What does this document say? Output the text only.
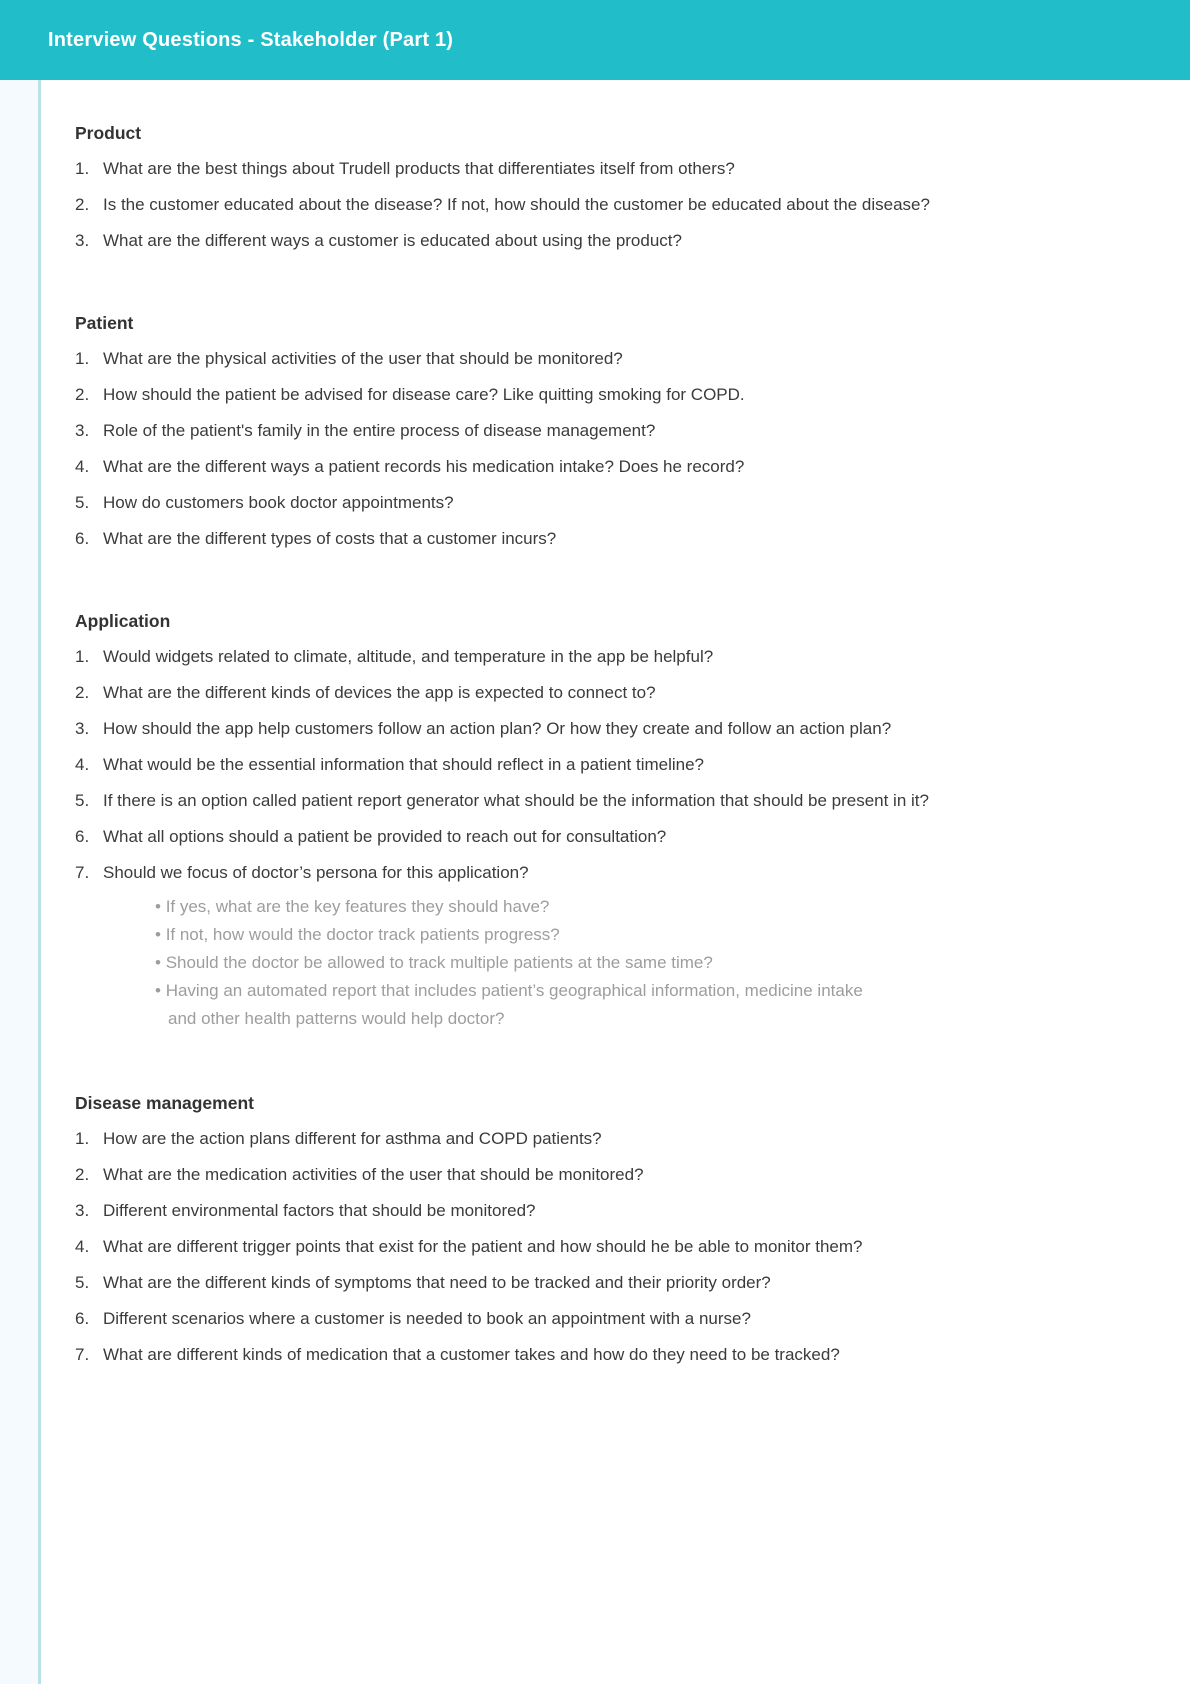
Interview Questions - Stakeholder (Part 1)
Product
What are the best things about Trudell products that differentiates itself from others?
Is the customer educated about the disease? If not, how should the customer be educated about the disease?
What are the different ways a customer is educated about using the product?
Patient
What are the physical activities of the user that should be monitored?
How should the patient be advised for disease care? Like quitting smoking for COPD.
Role of the patient's family in the entire process of disease management?
What are the different ways a patient records his medication intake? Does he record?
How do customers book doctor appointments?
What are the different types of costs that a customer incurs?
Application
Would widgets related to climate, altitude, and temperature in the app be helpful?
What are the different kinds of devices the app is expected to connect to?
How should the app help customers follow an action plan? Or how they create and follow an action plan?
What would be the essential information that should reflect in a patient timeline?
If there is an option called patient report generator what should be the information that should be present in it?
What all options should a patient be provided to reach out for consultation?
Should we focus of doctor’s persona for this application?
• If yes, what are the key features they should have?
• If not, how would the doctor track patients progress?
• Should the doctor be allowed to track multiple patients at the same time?
• Having an automated report that includes patient’s geographical information, medicine intake and other health patterns would help doctor?
Disease management
How are the action plans different for asthma and COPD patients?
What are the medication activities of the user that should be monitored?
Different environmental factors that should be monitored?
What are different trigger points that exist for the patient and how should he be able to monitor them?
What are the different kinds of symptoms that need to be tracked and their priority order?
Different scenarios where a customer is needed to book an appointment with a nurse?
What are different kinds of medication that a customer takes and how do they need to be tracked?
